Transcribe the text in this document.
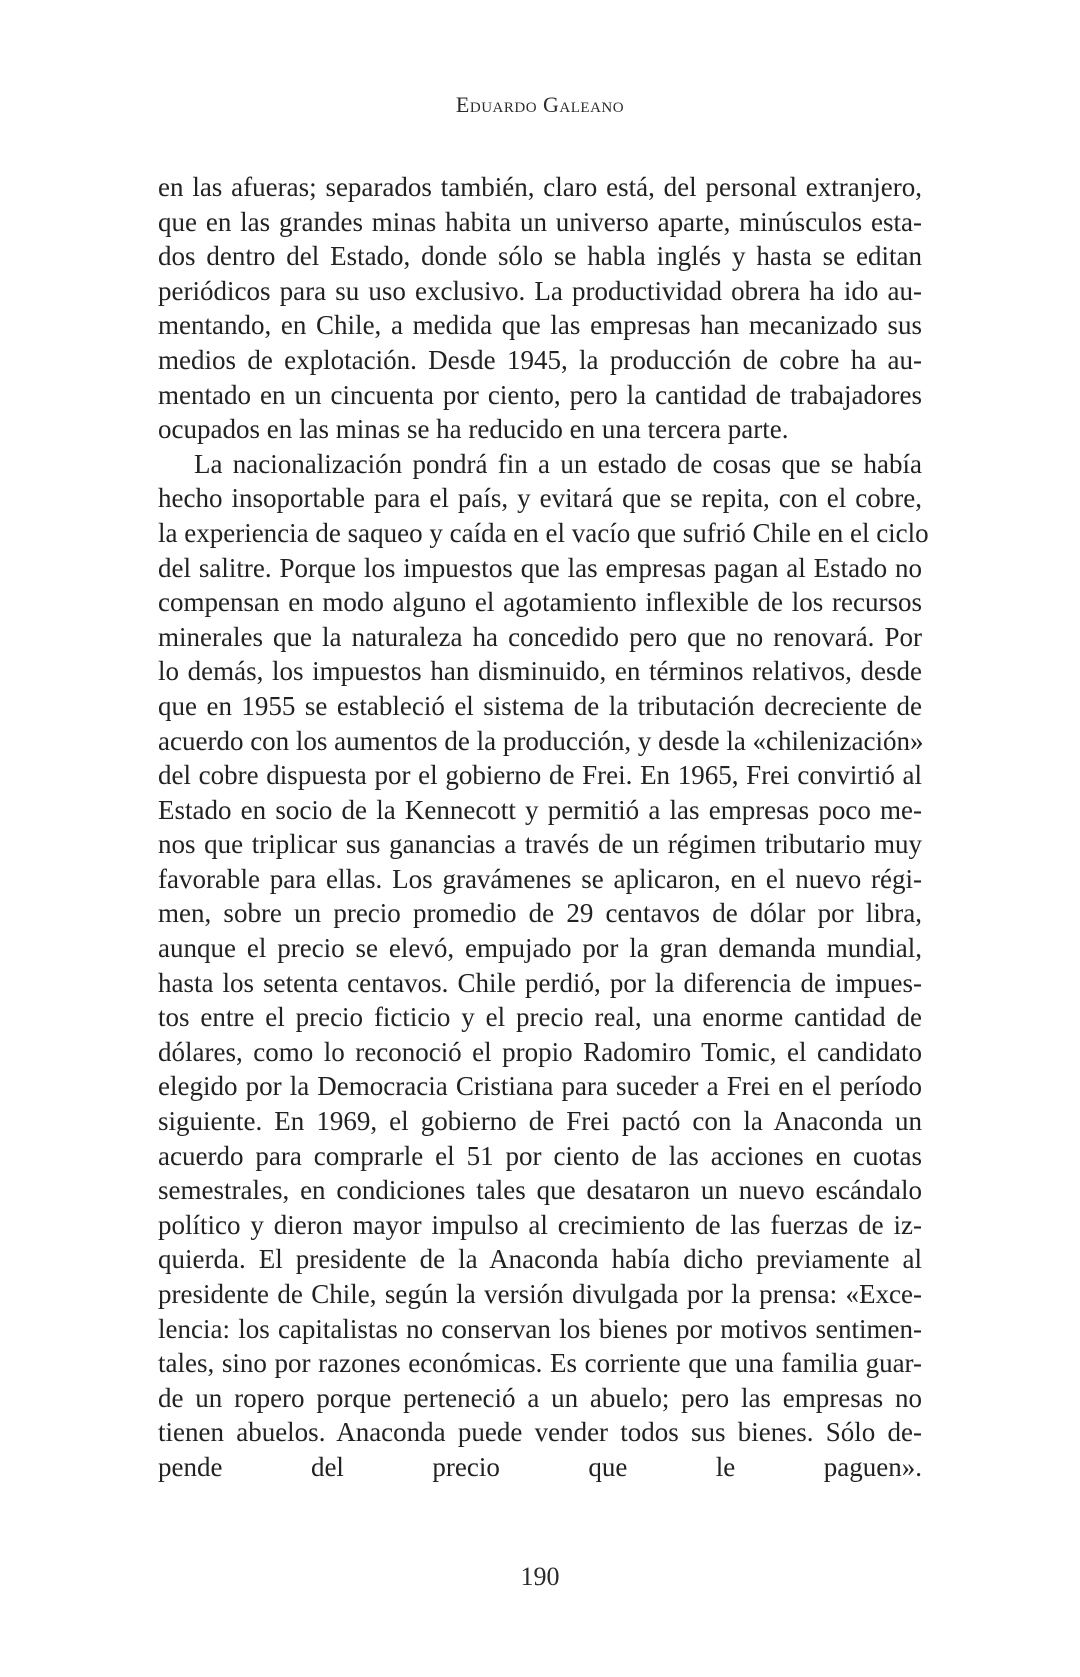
Eduardo Galeano
en las afueras; separados también, claro está, del personal extranjero,
que en las grandes minas habita un universo aparte, minúsculos esta-
dos dentro del Estado, donde sólo se habla inglés y hasta se editan
periódicos para su uso exclusivo. La productividad obrera ha ido au-
mentando, en Chile, a medida que las empresas han mecanizado sus
medios de explotación. Desde 1945, la producción de cobre ha au-
mentado en un cincuenta por ciento, pero la cantidad de trabajadores
ocupados en las minas se ha reducido en una tercera parte.
La nacionalización pondrá fin a un estado de cosas que se había
hecho insoportable para el país, y evitará que se repita, con el cobre,
la experiencia de saqueo y caída en el vacío que sufrió Chile en el ciclo
del salitre. Porque los impuestos que las empresas pagan al Estado no
compensan en modo alguno el agotamiento inflexible de los recursos
minerales que la naturaleza ha concedido pero que no renovará. Por
lo demás, los impuestos han disminuido, en términos relativos, desde
que en 1955 se estableció el sistema de la tributación decreciente de
acuerdo con los aumentos de la producción, y desde la «chilenización»
del cobre dispuesta por el gobierno de Frei. En 1965, Frei convirtió al
Estado en socio de la Kennecott y permitió a las empresas poco me-
nos que triplicar sus ganancias a través de un régimen tributario muy
favorable para ellas. Los gravámenes se aplicaron, en el nuevo régi-
men, sobre un precio promedio de 29 centavos de dólar por libra,
aunque el precio se elevó, empujado por la gran demanda mundial,
hasta los setenta centavos. Chile perdió, por la diferencia de impues-
tos entre el precio ficticio y el precio real, una enorme cantidad de
dólares, como lo reconoció el propio Radomiro Tomic, el candidato
elegido por la Democracia Cristiana para suceder a Frei en el período
siguiente. En 1969, el gobierno de Frei pactó con la Anaconda un
acuerdo para comprarle el 51 por ciento de las acciones en cuotas
semestrales, en condiciones tales que desataron un nuevo escándalo
político y dieron mayor impulso al crecimiento de las fuerzas de iz-
quierda. El presidente de la Anaconda había dicho previamente al
presidente de Chile, según la versión divulgada por la prensa: «Exce-
lencia: los capitalistas no conservan los bienes por motivos sentimen-
tales, sino por razones económicas. Es corriente que una familia guar-
de un ropero porque perteneció a un abuelo; pero las empresas no
tienen abuelos. Anaconda puede vender todos sus bienes. Sólo de-
pende del precio que le paguen».
190
